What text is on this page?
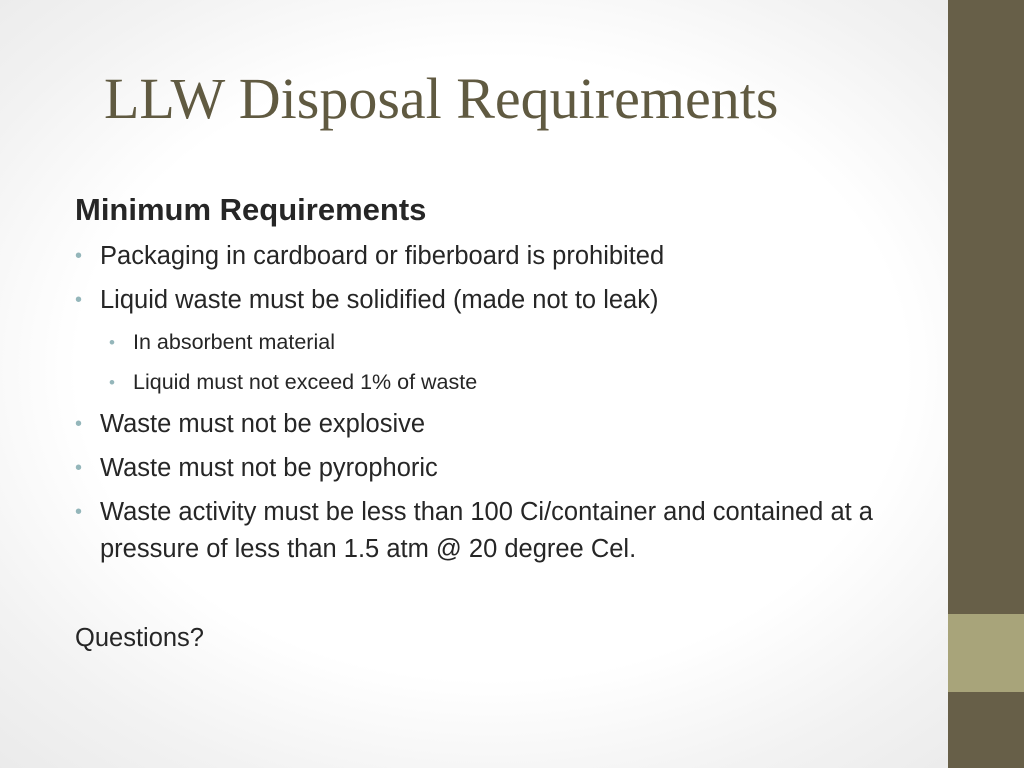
LLW Disposal Requirements
Minimum Requirements
• Packaging in cardboard or fiberboard is prohibited
• Liquid waste must be solidified (made not to leak)
• In absorbent material
• Liquid must not exceed 1% of waste
• Waste must not be explosive
• Waste must not be pyrophoric
• Waste activity must be less than 100 Ci/container and contained at a pressure of less than 1.5 atm @ 20 degree Cel.
Questions?
